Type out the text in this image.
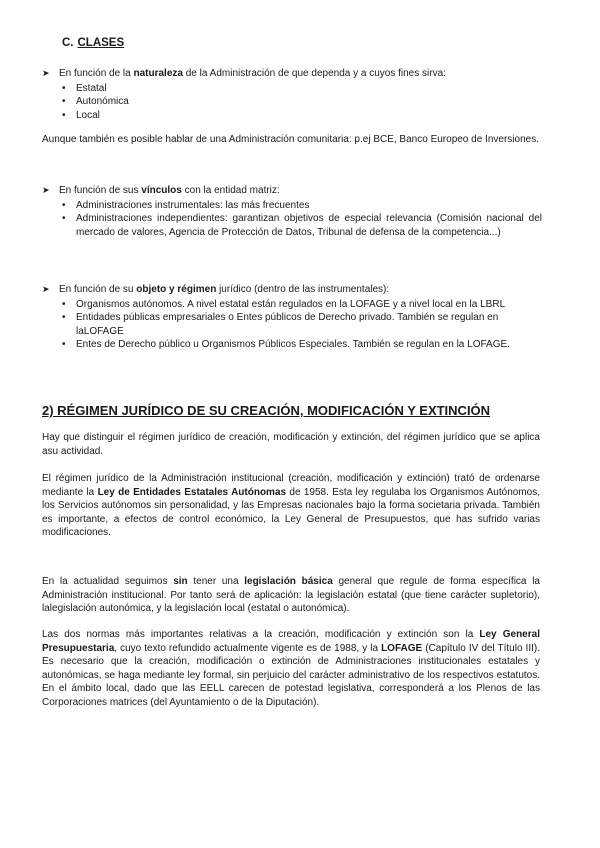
C. CLASES
➤ En función de la naturaleza de la Administración de que dependa y a cuyos fines sirva:
• Estatal
• Autonómica
• Local
Aunque también es posible hablar de una Administración comunitaria: p.ej BCE, Banco Europeo de Inversiones.
➤ En función de sus vínculos con la entidad matriz:
• Administraciones instrumentales: las más frecuentes
• Administraciones independientes: garantizan objetivos de especial relevancia (Comisión nacional del mercado de valores, Agencia de Protección de Datos, Tribunal de defensa de la competencia...)
➤ En función de su objeto y régimen jurídico (dentro de las instrumentales):
• Organismos autónomos. A nivel estatal están regulados en la LOFAGE y a nivel local en la LBRL
• Entidades públicas empresariales o Entes públicos de Derecho privado. También se regulan en laLOFAGE
• Entes de Derecho público u Organismos Públicos Especiales. También se regulan en la LOFAGE.
2) RÉGIMEN JURÍDICO DE SU CREACIÓN, MODIFICACIÓN Y EXTINCIÓN
Hay que distinguir el régimen jurídico de creación, modificación y extinción, del régimen jurídico que se aplica asu actividad.
El régimen jurídico de la Administración institucional (creación, modificación y extinción) trató de ordenarse mediante la Ley de Entidades Estatales Autónomas de 1958. Esta ley regulaba los Organismos Autónomos, los Servicios autónomos sin personalidad, y las Empresas nacionales bajo la forma societaria privada. También es importante, a efectos de control económico, la Ley General de Presupuestos, que has sufrido varias modificaciones.
En la actualidad seguimos sin tener una legislación básica general que regule de forma específica la Administración institucional. Por tanto será de aplicación: la legislación estatal (que tiene carácter supletorio), lalegislación autonómica, y la legislación local (estatal o autonómica).
Las dos normas más importantes relativas a la creación, modificación y extinción son la Ley General Presupuestaria, cuyo texto refundido actualmente vigente es de 1988, y la LOFAGE (Capítulo IV del Título III). Es necesario que la creación, modificación o extinción de Administraciones institucionales estatales y autonómicas, se haga mediante ley formal, sin perjuicio del carácter administrativo de los respectivos estatutos. En el ámbito local, dado que las EELL carecen de potestad legislativa, corresponderá a los Plenos de las Corporaciones matrices (del Ayuntamiento o de la Diputación).
